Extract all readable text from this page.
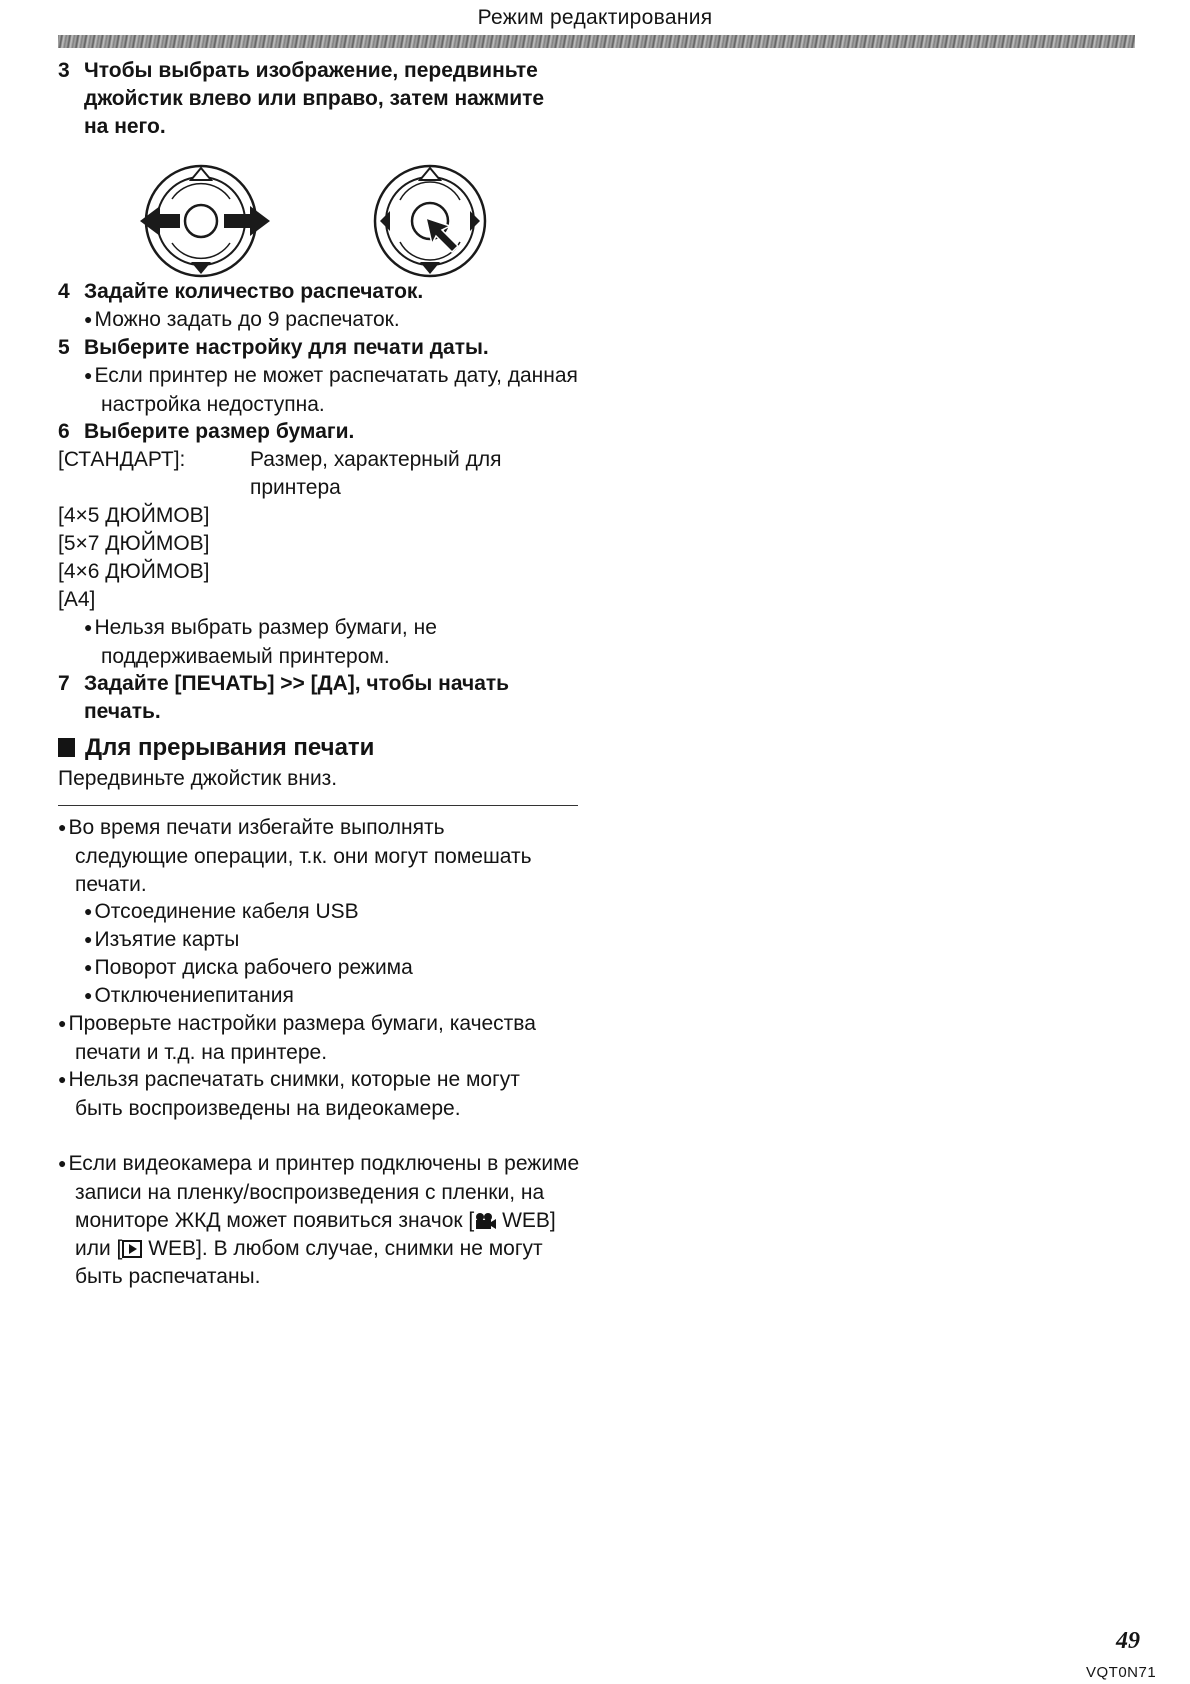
Режим редактирования
3 Чтобы выбрать изображение, передвиньте джойстик влево или вправо, затем нажмите на него.
4 Задайте количество распечаток.
● Можно задать до 9 распечаток.
5 Выберите настройку для печати даты.
● Если принтер не может распечатать дату, данная настройка недоступна.
6 Выберите размер бумаги.
[СТАНДАРТ]:	Размер, характерный для принтера
[4×5 ДЮЙМОВ]
[5×7 ДЮЙМОВ]
[4×6 ДЮЙМОВ]
[A4]
● Нельзя выбрать размер бумаги, не поддерживаемый принтером.
7 Задайте [ПЕЧАТЬ] >> [ДА], чтобы начать печать.
Для прерывания печати
Передвиньте джойстик вниз.
● Во время печати избегайте выполнять следующие операции, т.к. они могут помешать печати.
● Отсоединение кабеля USB
● Изъятие карты
● Поворот диска рабочего режима
● Отключениепитания
● Проверьте настройки размера бумаги, качества печати и т.д. на принтере.
● Нельзя распечатать снимки, которые не могут быть воспроизведены на видеокамере.
● Если видеокамера и принтер подключены в режиме записи на пленку/воспроизведения с пленки, на мониторе ЖКД может появиться значок [ WEB] или [ WEB]. В любом случае, снимки не могут быть распечатаны.
49
VQT0N71
